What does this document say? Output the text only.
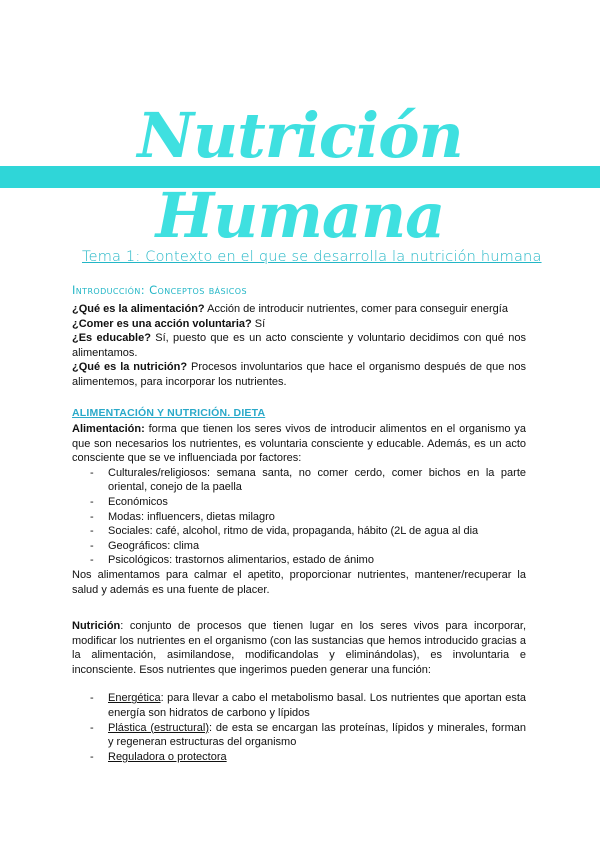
Nutrición Humana
Tema 1: Contexto en el que se desarrolla la nutrición humana
Introducción: Conceptos básicos

¿Qué es la alimentación? Acción de introducir nutrientes, comer para conseguir energía

¿Comer es una acción voluntaria? Sí

¿Es educable? Sí, puesto que es un acto consciente y voluntario decidimos con qué nos alimentamos.

¿Qué es la nutrición? Procesos involuntarios que hace el organismo después de que nos alimentemos, para incorporar los nutrientes.

ALIMENTACIÓN Y NUTRICIÓN. DIETA

Alimentación: forma que tienen los seres vivos de introducir alimentos en el organismo ya que son necesarios los nutrientes, es voluntaria consciente y educable. Además, es un acto consciente que se ve influenciada por factores:

- Culturales/religiosos: semana santa, no comer cerdo, comer bichos en la parte oriental, conejo de la paella
- Económicos
- Modas: influencers, dietas milagro
- Sociales: café, alcohol, ritmo de vida, propaganda, hábito (2L de agua al dia
- Geográficos: clima
- Psicológicos: trastornos alimentarios, estado de ánimo

Nos alimentamos para calmar el apetito, proporcionar nutrientes, mantener/recuperar la salud y además es una fuente de placer.

Nutrición: conjunto de procesos que tienen lugar en los seres vivos para incorporar, modificar los nutrientes en el organismo (con las sustancias que hemos introducido gracias a la alimentación, asimilandose, modificandolas y eliminándolas), es involuntaria e inconsciente. Esos nutrientes que ingerimos pueden generar una función:

- Energética: para llevar a cabo el metabolismo basal. Los nutrientes que aportan esta energía son hidratos de carbono y lípidos
- Plástica (estructural): de esta se encargan las proteínas, lípidos y minerales, forman y regeneran estructuras del organismo
- Reguladora o protectora
